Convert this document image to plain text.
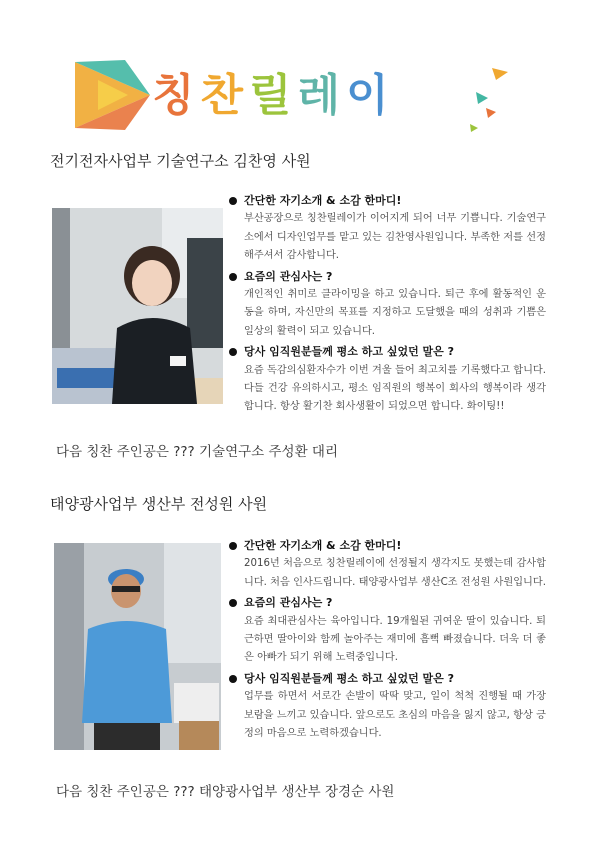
칭찬릴레이
전기전자사업부 기술연구소 김찬영 사원
간단한 자기소개 & 소감 한마디!
부산공장으로 칭찬릴레이가 이어지게 되어 너무 기쁩니다. 기술연구소에서 디자인업무를 맡고 있는 김찬영사원입니다. 부족한 저를 선정해주셔서 감사합니다.
요즘의 관심사는 ?
개인적인 취미로 클라이밍을 하고 있습니다. 퇴근 후에 활동적인 운동을 하며, 자신만의 목표를 지정하고 도달했을 때의 성취과 기쁨은 일상의 활력이 되고 있습니다.
당사 임직원분들께 평소 하고 싶었던 말은 ?
요즘 독감의심환자수가 이번 겨울 들어 최고치를 기록했다고 합니다. 다들 건강 유의하시고, 평소 임직원의 행복이 회사의 행복이라 생각합니다. 항상 활기찬 회사생활이 되었으면 합니다. 화이팅!!
다음 칭찬 주인공은 ??? 기술연구소 주성환 대리
태양광사업부 생산부 전성원 사원
간단한 자기소개 & 소감 한마디!
2016년 처음으로 칭찬릴레이에 선정될지 생각지도 못했는데 감사합니다. 처음 인사드립니다. 태양광사업부 생산C조 전성원 사원입니다.
요즘의 관심사는 ?
요즘 최대관심사는 육아입니다. 19개월된 귀여운 딸이 있습니다. 퇴근하면 딸아이와 함께 놀아주는 재미에 흠뻑 빠졌습니다. 더욱 더 좋은 아빠가 되기 위해 노력중입니다.
당사 임직원분들께 평소 하고 싶었던 말은 ?
업무를 하면서 서로간 손발이 딱딱 맞고, 일이 척척 진행될 때 가장 보람을 느끼고 있습니다. 앞으로도 초심의 마음을 잃지 않고, 항상 긍정의 마음으로 노력하겠습니다.
다음 칭찬 주인공은 ??? 태양광사업부 생산부 장경순 사원
